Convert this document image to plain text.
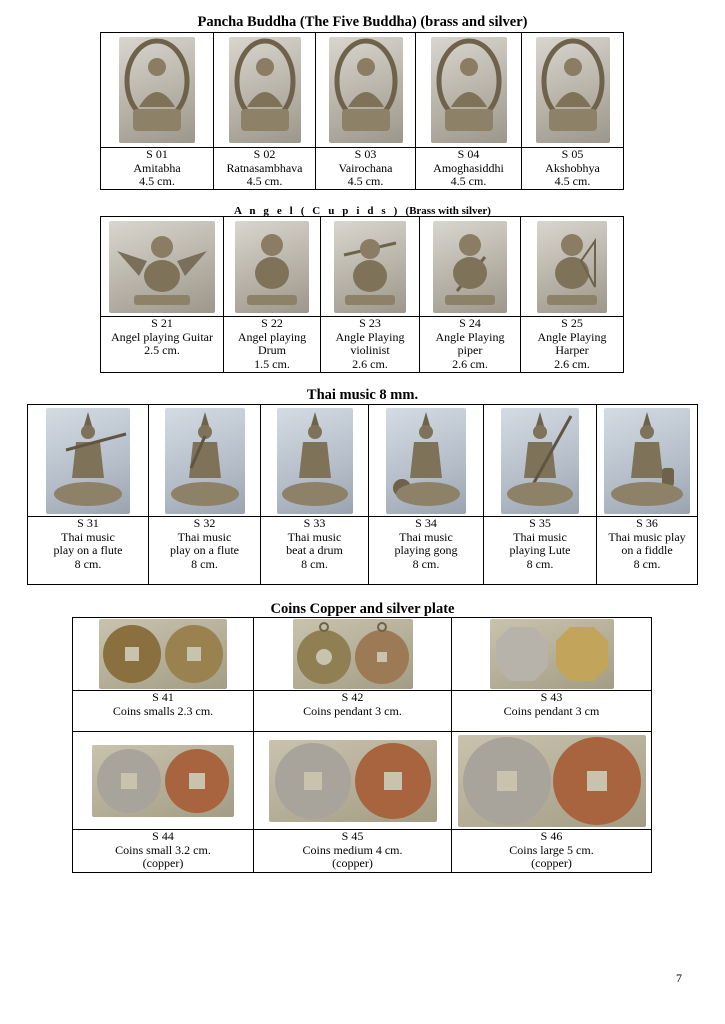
Pancha Buddha (The Five Buddha) (brass and silver)

S 01
Amitabha
4.5 cm.	S 02
Ratnasambhava
4.5 cm.	S 03
Vairochana
4.5 cm.	S 04
Amoghasiddhi
4.5 cm.	S 05
Akshobhya
4.5 cm.
A n g e l ( C u p i d s ) (Brass with silver)

S 21
Angel playing Guitar
2.5 cm.	S 22
Angel playing
Drum
1.5 cm.	S 23
Angle Playing
violinist
2.6 cm.	S 24
Angle Playing
piper
2.6 cm.	S 25
Angle Playing
Harper
2.6 cm.
Thai music 8 mm.

S 31
Thai music
play on a flute
8 cm.	S 32
Thai music
play on a flute
8 cm.	S 33
Thai music
beat a drum
8 cm.	S 34
Thai music
playing gong
8 cm.	S 35
Thai music
playing Lute
8 cm.	S 36
Thai music play
on a fiddle
8 cm.
Coins Copper and silver plate

S 41
Coins smalls 2.3 cm.	S 42
Coins pendant 3 cm.	S 43
Coins pendant 3 cm

S 44
Coins small 3.2 cm.
(copper)	S 45
Coins medium 4 cm.
(copper)	S 46
Coins large 5 cm.
(copper)
7
